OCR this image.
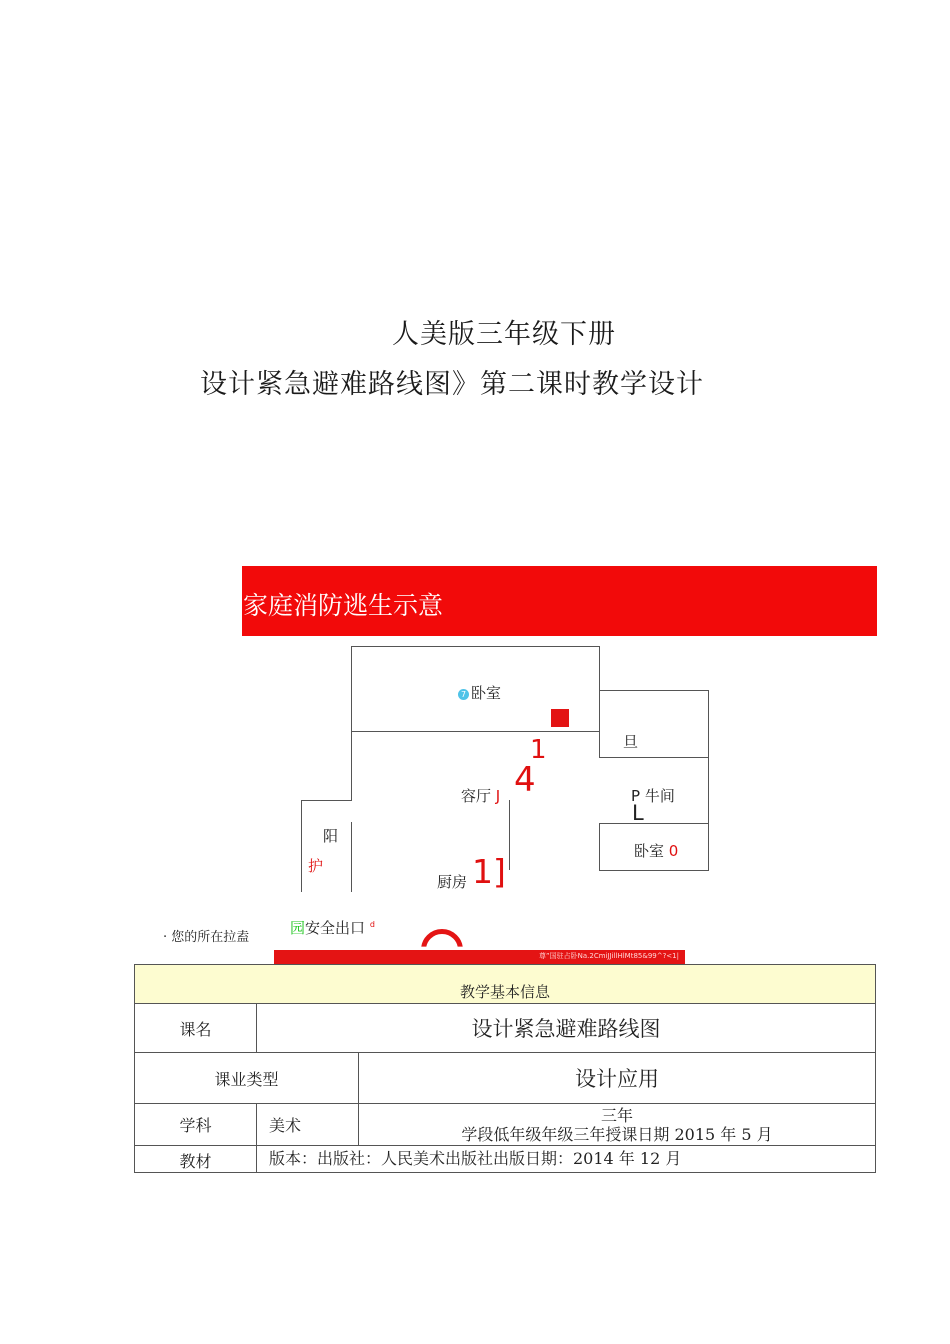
人美版三年级下册
设计紧急避难路线图》第二课时教学设计
家庭消防逃生示意
7 卧室
旦
1
4
容厅 J	P 牛间
L
卧室 0
阳
护
厨房 1]
· 您的所在拉盍
园安全出口 $^d$
尊”国驻占卧Na.2CmiJJillHlMt85&99^?<1|
教学基本信息		
课名	设计紧急避难路线图	
课业类型		设计应用
学科	美术	三年
学段低年级年级三年授课日期 2015 年 5 月

教材	版本：出版社：人民美术出版社出版日期：2014 年 12 月	
